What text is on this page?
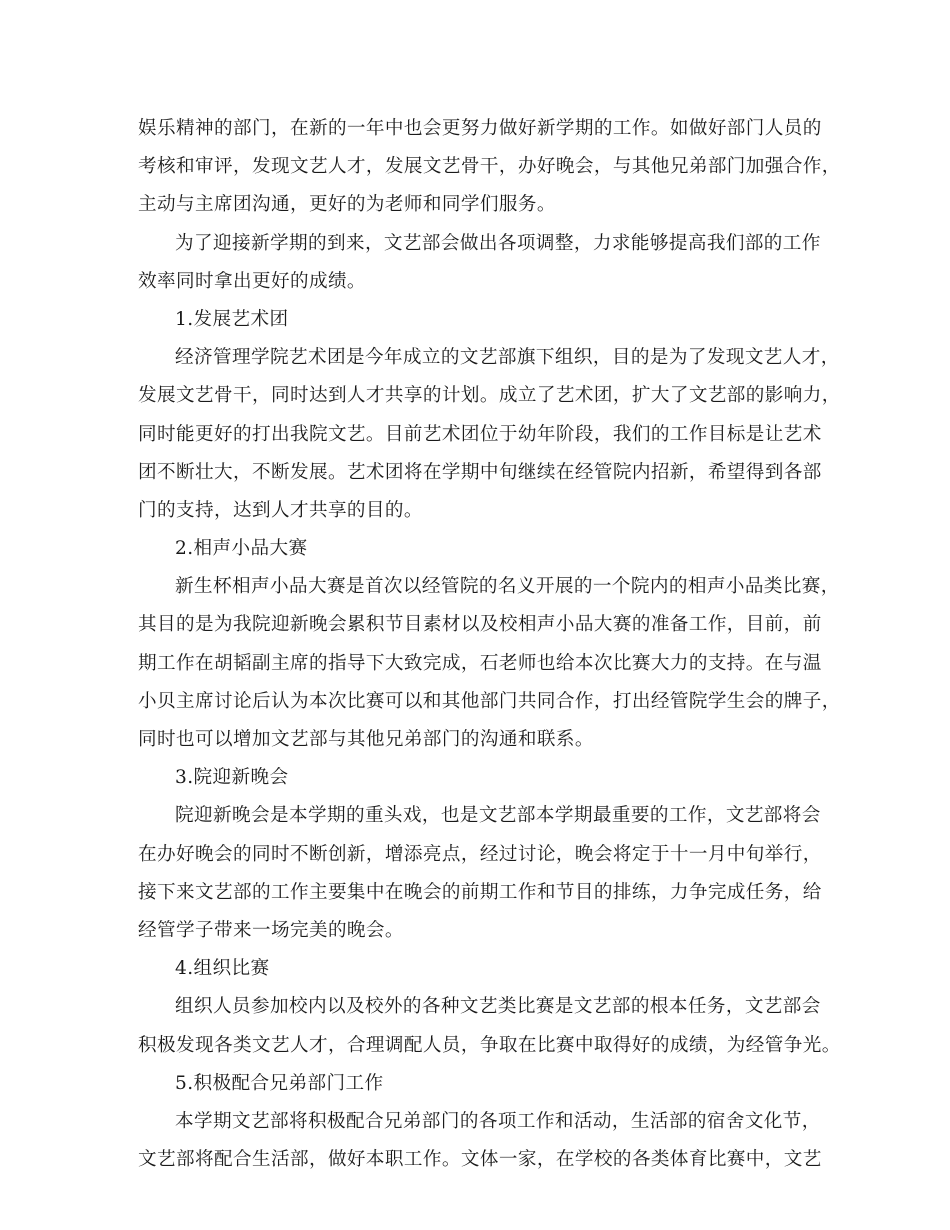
娱乐精神的部门，在新的一年中也会更努力做好新学期的工作。如做好部门人员的
考核和审评，发现文艺人才，发展文艺骨干，办好晚会，与其他兄弟部门加强合作，
主动与主席团沟通，更好的为老师和同学们服务。
为了迎接新学期的到来，文艺部会做出各项调整，力求能够提高我们部的工作
效率同时拿出更好的成绩。
1.发展艺术团
经济管理学院艺术团是今年成立的文艺部旗下组织，目的是为了发现文艺人才，
发展文艺骨干，同时达到人才共享的计划。成立了艺术团，扩大了文艺部的影响力，
同时能更好的打出我院文艺。目前艺术团位于幼年阶段，我们的工作目标是让艺术
团不断壮大，不断发展。艺术团将在学期中旬继续在经管院内招新，希望得到各部
门的支持，达到人才共享的目的。
2.相声小品大赛
新生杯相声小品大赛是首次以经管院的名义开展的一个院内的相声小品类比赛，
其目的是为我院迎新晚会累积节目素材以及校相声小品大赛的准备工作，目前，前
期工作在胡韬副主席的指导下大致完成，石老师也给本次比赛大力的支持。在与温
小贝主席讨论后认为本次比赛可以和其他部门共同合作，打出经管院学生会的牌子，
同时也可以增加文艺部与其他兄弟部门的沟通和联系。
3.院迎新晚会
院迎新晚会是本学期的重头戏，也是文艺部本学期最重要的工作，文艺部将会
在办好晚会的同时不断创新，增添亮点，经过讨论，晚会将定于十一月中旬举行，
接下来文艺部的工作主要集中在晚会的前期工作和节目的排练，力争完成任务，给
经管学子带来一场完美的晚会。
4.组织比赛
组织人员参加校内以及校外的各种文艺类比赛是文艺部的根本任务，文艺部会
积极发现各类文艺人才，合理调配人员，争取在比赛中取得好的成绩，为经管争光。
5.积极配合兄弟部门工作
本学期文艺部将积极配合兄弟部门的各项工作和活动，生活部的宿舍文化节，
文艺部将配合生活部，做好本职工作。文体一家，在学校的各类体育比赛中，文艺
